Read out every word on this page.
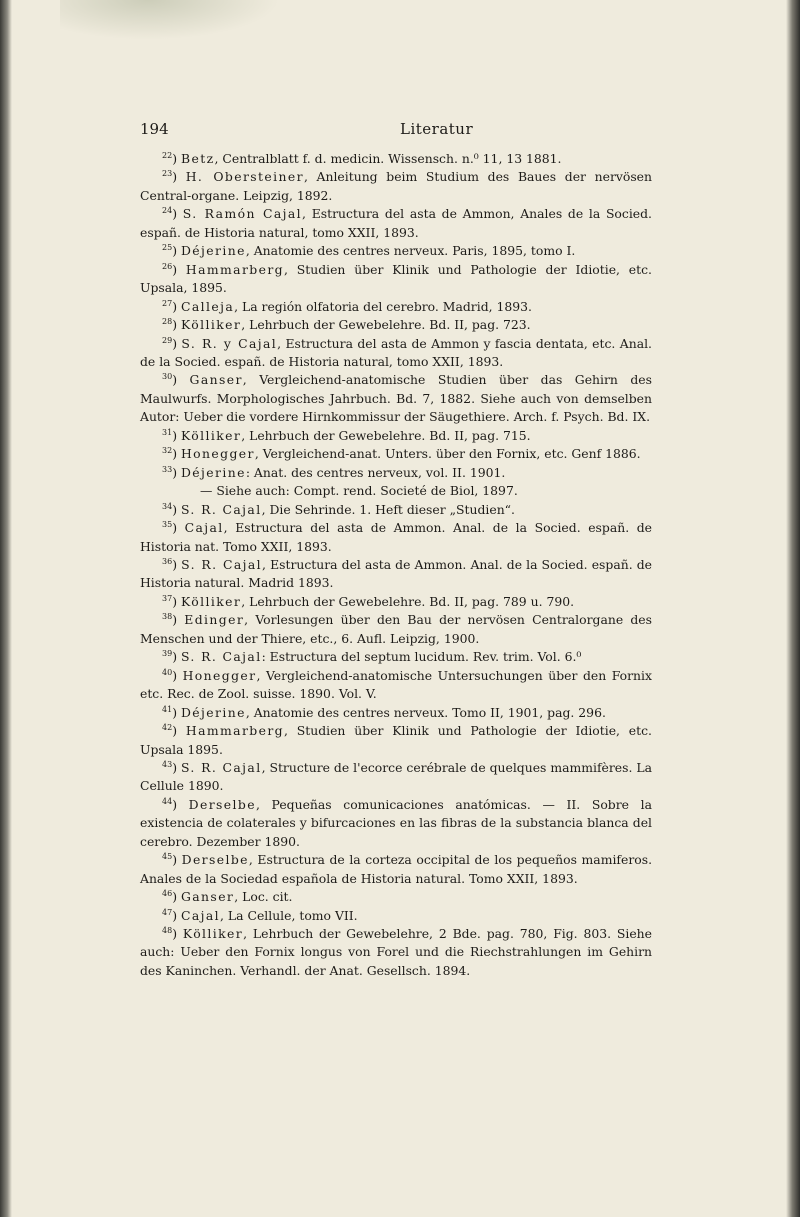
194	Literatur

$^{22}$) Betz, Centralblatt f. d. medicin. Wissensch. n.⁰ 11, 13 1881.

$^{23}$) H. Obersteiner, Anleitung beim Studium des Baues der nervösen Central-organe. Leipzig, 1892.

$^{24}$) S. Ramón Cajal, Estructura del asta de Ammon, Anales de la Socied. españ. de Historia natural, tomo XXII, 1893.

$^{25}$) Déjerine, Anatomie des centres nerveux. Paris, 1895, tomo I.

$^{26}$) Hammarberg, Studien über Klinik und Pathologie der Idiotie, etc. Upsala, 1895.

$^{27}$) Calleja, La región olfatoria del cerebro. Madrid, 1893.

$^{28}$) Kölliker, Lehrbuch der Gewebelehre. Bd. II, pag. 723.

$^{29}$) S. R. y Cajal, Estructura del asta de Ammon y fascia dentata, etc. Anal. de la Socied. españ. de Historia natural, tomo XXII, 1893.

$^{30}$) Ganser, Vergleichend-anatomische Studien über das Gehirn des Maulwurfs. Morphologisches Jahrbuch. Bd. 7, 1882. Siehe auch von demselben Autor: Ueber die vordere Hirnkommissur der Säugethiere. Arch. f. Psych. Bd. IX.

$^{31}$) Kölliker, Lehrbuch der Gewebelehre. Bd. II, pag. 715.

$^{32}$) Honegger, Vergleichend-anat. Unters. über den Fornix, etc. Genf 1886.

$^{33}$) Déjerine: Anat. des centres nerveux, vol. II. 1901.

— Siehe auch: Compt. rend. Societé de Biol, 1897.

$^{34}$) S. R. Cajal, Die Sehrinde. 1. Heft dieser „Studien“.

$^{35}$) Cajal, Estructura del asta de Ammon. Anal. de la Socied. españ. de Historia nat. Tomo XXII, 1893.

$^{36}$) S. R. Cajal, Estructura del asta de Ammon. Anal. de la Socied. españ. de Historia natural. Madrid 1893.

$^{37}$) Kölliker, Lehrbuch der Gewebelehre. Bd. II, pag. 789 u. 790.

$^{38}$) Edinger, Vorlesungen über den Bau der nervösen Centralorgane des Menschen und der Thiere, etc., 6. Aufl. Leipzig, 1900.

$^{39}$) S. R. Cajal: Estructura del septum lucidum. Rev. trim. Vol. 6.⁰

$^{40}$) Honegger, Vergleichend-anatomische Untersuchungen über den Fornix etc. Rec. de Zool. suisse. 1890. Vol. V.

$^{41}$) Déjerine, Anatomie des centres nerveux. Tomo II, 1901, pag. 296.

$^{42}$) Hammarberg, Studien über Klinik und Pathologie der Idiotie, etc. Upsala 1895.

$^{43}$) S. R. Cajal, Structure de l'ecorce cerébrale de quelques mammifères. La Cellule 1890.

$^{44}$) Derselbe, Pequeñas comunicaciones anatómicas. — II. Sobre la existencia de colaterales y bifurcaciones en las fibras de la substancia blanca del cerebro. Dezember 1890.

$^{45}$) Derselbe, Estructura de la corteza occipital de los pequeños mamiferos. Anales de la Sociedad española de Historia natural. Tomo XXII, 1893.

$^{46}$) Ganser, Loc. cit.

$^{47}$) Cajal, La Cellule, tomo VII.

$^{48}$) Kölliker, Lehrbuch der Gewebelehre, 2 Bde. pag. 780, Fig. 803. Siehe auch: Ueber den Fornix longus von Forel und die Riechstrahlungen im Gehirn des Kaninchen. Verhandl. der Anat. Gesellsch. 1894.
